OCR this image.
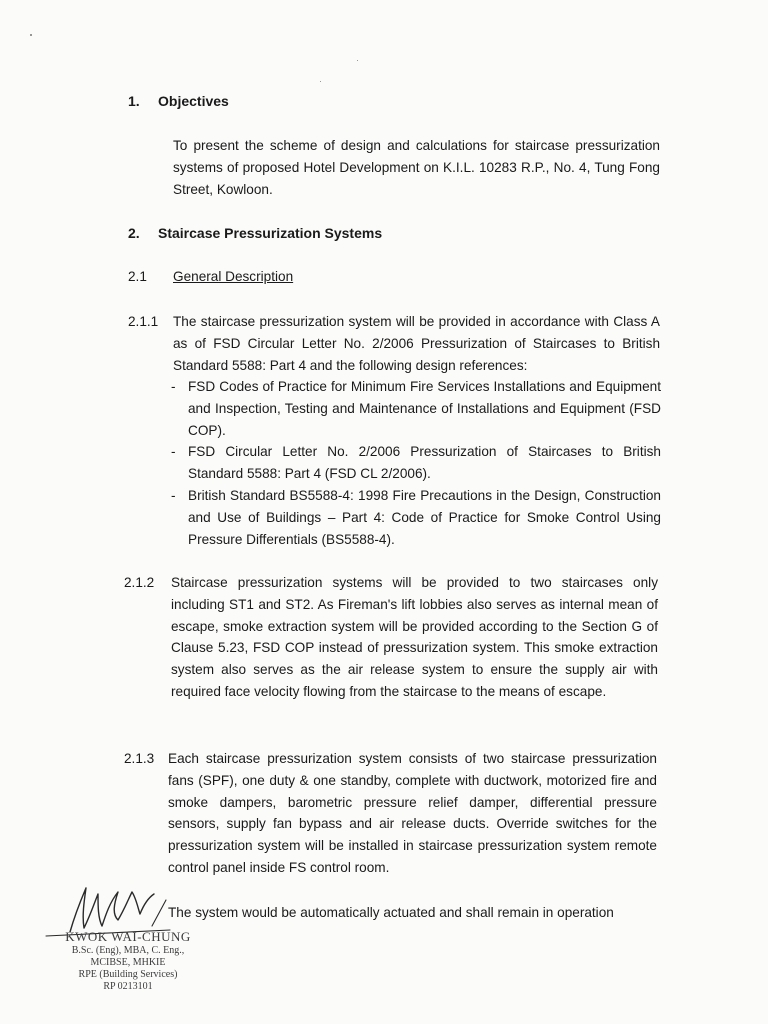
1. Objectives
To present the scheme of design and calculations for staircase pressurization systems of proposed Hotel Development on K.I.L. 10283 R.P., No. 4, Tung Fong Street, Kowloon.
2. Staircase Pressurization Systems
2.1 General Description
2.1.1 The staircase pressurization system will be provided in accordance with Class A as of FSD Circular Letter No. 2/2006 Pressurization of Staircases to British Standard 5588: Part 4 and the following design references:
- FSD Codes of Practice for Minimum Fire Services Installations and Equipment and Inspection, Testing and Maintenance of Installations and Equipment (FSD COP).
- FSD Circular Letter No. 2/2006 Pressurization of Staircases to British Standard 5588: Part 4 (FSD CL 2/2006).
- British Standard BS5588-4: 1998 Fire Precautions in the Design, Construction and Use of Buildings – Part 4: Code of Practice for Smoke Control Using Pressure Differentials (BS5588-4).
2.1.2 Staircase pressurization systems will be provided to two staircases only including ST1 and ST2. As Fireman's lift lobbies also serves as internal mean of escape, smoke extraction system will be provided according to the Section G of Clause 5.23, FSD COP instead of pressurization system. This smoke extraction system also serves as the air release system to ensure the supply air with required face velocity flowing from the staircase to the means of escape.
2.1.3 Each staircase pressurization system consists of two staircase pressurization fans (SPF), one duty & one standby, complete with ductwork, motorized fire and smoke dampers, barometric pressure relief damper, differential pressure sensors, supply fan bypass and air release ducts. Override switches for the pressurization system will be installed in staircase pressurization system remote control panel inside FS control room.
The system would be automatically actuated and shall remain in operation
KWOK WAI-CHUNG
B.Sc. (Eng), MBA, C. Eng.,
MCIBSE, MHKIE
RPE (Building Services)
RP 0213101
